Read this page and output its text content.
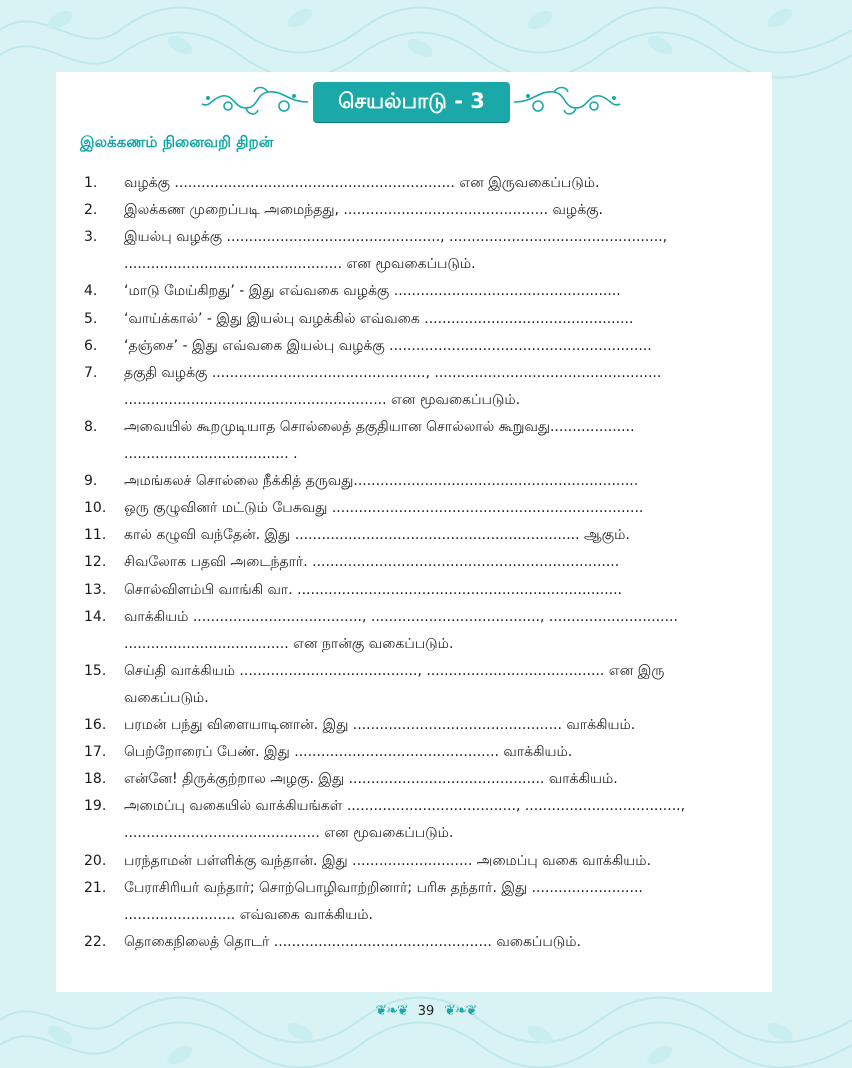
செயல்பாடு - 3
இலக்கணம் நினைவறி திறன்
1.	வழக்கு ............................................................... என இருவகைப்படும்.
2.	இலக்கண முறைப்படி அமைந்தது, .............................................. வழக்கு.
3.	இயல்பு வழக்கு ................................................, ................................................,
................................................. என மூவகைப்படும்.
4.	‘மாடு மேய்கிறது’ - இது எவ்வகை வழக்கு ...................................................
5.	‘வாய்க்கால்’ - இது இயல்பு வழக்கில் எவ்வகை ...............................................
6.	‘தஞ்சை’ - இது எவ்வகை இயல்பு வழக்கு ...........................................................
7.	தகுதி வழக்கு ................................................, ...................................................
........................................................... என மூவகைப்படும்.
8.	அவையில் கூறமுடியாத சொல்லைத் தகுதியான சொல்லால் கூறுவது...................
..................................... .
9.	அமங்கலச் சொல்லை நீக்கித் தருவது................................................................
10.	ஒரு குழுவினர் மட்டும் பேசுவது ......................................................................
11.	கால் கழுவி வந்தேன். இது ................................................................ ஆகும்.
12.	சிவலோக பதவி அடைந்தார். .....................................................................
13.	சொல்விளம்பி வாங்கி வா. .........................................................................
14.	வாக்கியம் ......................................, ......................................, .............................
..................................... என நான்கு வகைப்படும்.
15.	செய்தி வாக்கியம் ........................................, ........................................ என இரு
வகைப்படும்.
16.	பரமன் பந்து விளையாடினான். இது ............................................... வாக்கியம்.
17.	பெற்றோரைப் பேண். இது .............................................. வாக்கியம்.
18.	என்னே! திருக்குற்றால அழகு. இது ............................................ வாக்கியம்.
19.	அமைப்பு வகையில் வாக்கியங்கள் ......................................, ...................................,
............................................ என மூவகைப்படும்.
20.	பரந்தாமன் பள்ளிக்கு வந்தான். இது ........................... அமைப்பு வகை வாக்கியம்.
21.	பேராசிரியர் வந்தார்; சொற்பொழிவாற்றினார்; பரிசு தந்தார். இது .........................
......................... எவ்வகை வாக்கியம்.
22.	தொகைநிலைத் தொடர் ................................................. வகைப்படும்.
❦❧❦ 39 ❦❧❦
